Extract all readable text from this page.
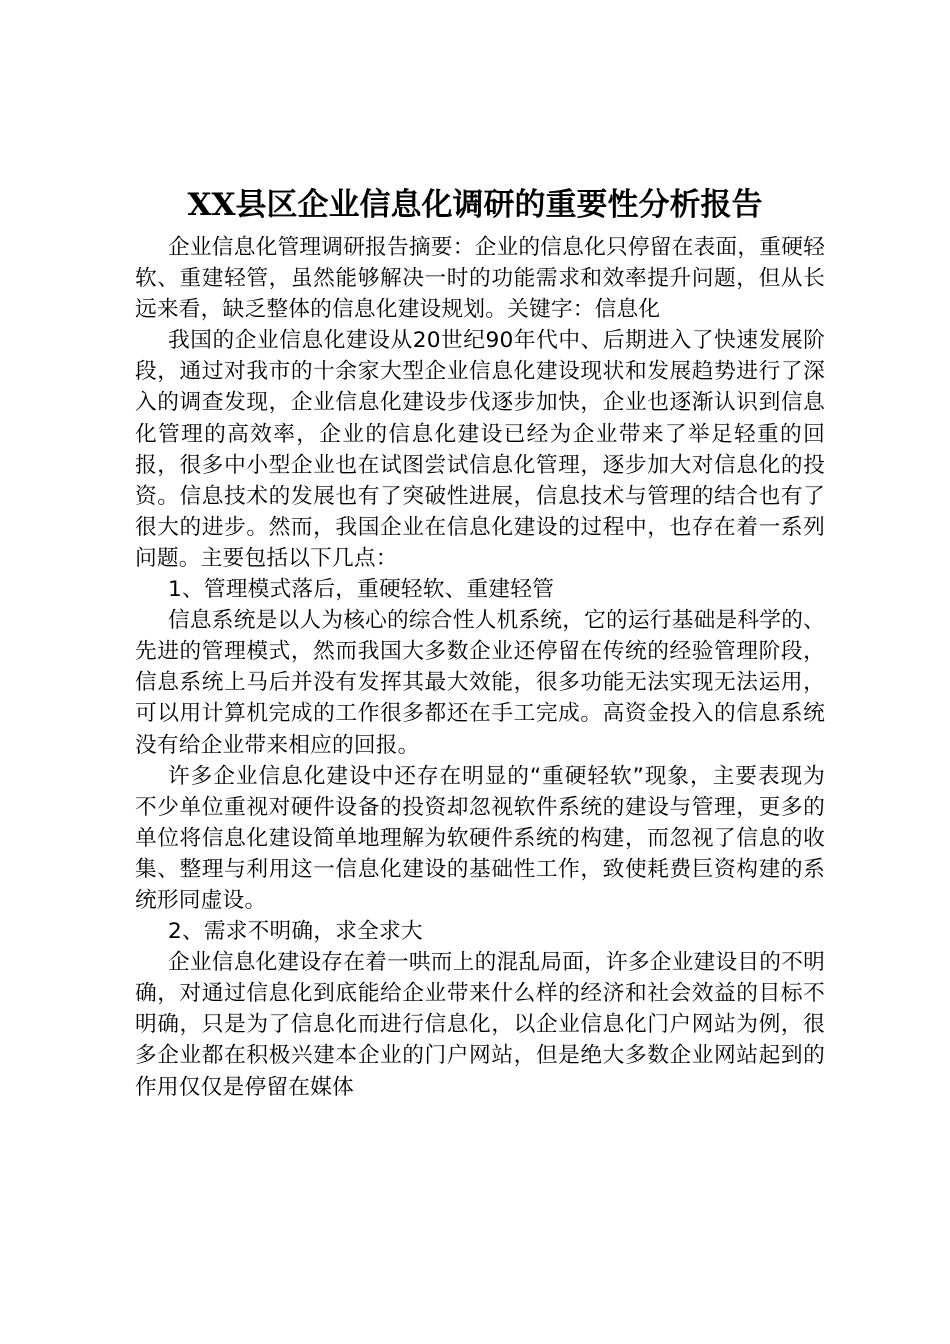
XX县区企业信息化调研的重要性分析报告

企业信息化管理调研报告摘要：企业的信息化只停留在表面，重硬轻软、重建轻管，虽然能够解决一时的功能需求和效率提升问题，但从长远来看，缺乏整体的信息化建设规划。关键字：信息化

我国的企业信息化建设从20世纪90年代中、后期进入了快速发展阶段，通过对我市的十余家大型企业信息化建设现状和发展趋势进行了深入的调查发现，企业信息化建设步伐逐步加快，企业也逐渐认识到信息化管理的高效率，企业的信息化建设已经为企业带来了举足轻重的回报，很多中小型企业也在试图尝试信息化管理，逐步加大对信息化的投资。信息技术的发展也有了突破性进展，信息技术与管理的结合也有了很大的进步。然而，我国企业在信息化建设的过程中，也存在着一系列问题。主要包括以下几点：

1、管理模式落后，重硬轻软、重建轻管

信息系统是以人为核心的综合性人机系统，它的运行基础是科学的、先进的管理模式，然而我国大多数企业还停留在传统的经验管理阶段，信息系统上马后并没有发挥其最大效能，很多功能无法实现无法运用，可以用计算机完成的工作很多都还在手工完成。高资金投入的信息系统没有给企业带来相应的回报。

许多企业信息化建设中还存在明显的“重硬轻软”现象，主要表现为不少单位重视对硬件设备的投资却忽视软件系统的建设与管理，更多的单位将信息化建设简单地理解为软硬件系统的构建，而忽视了信息的收集、整理与利用这一信息化建设的基础性工作，致使耗费巨资构建的系统形同虚设。

2、需求不明确，求全求大

企业信息化建设存在着一哄而上的混乱局面，许多企业建设目的不明确，对通过信息化到底能给企业带来什么样的经济和社会效益的目标不明确，只是为了信息化而进行信息化，以企业信息化门户网站为例，很多企业都在积极兴建本企业的门户网站，但是绝大多数企业网站起到的作用仅仅是停留在媒体
